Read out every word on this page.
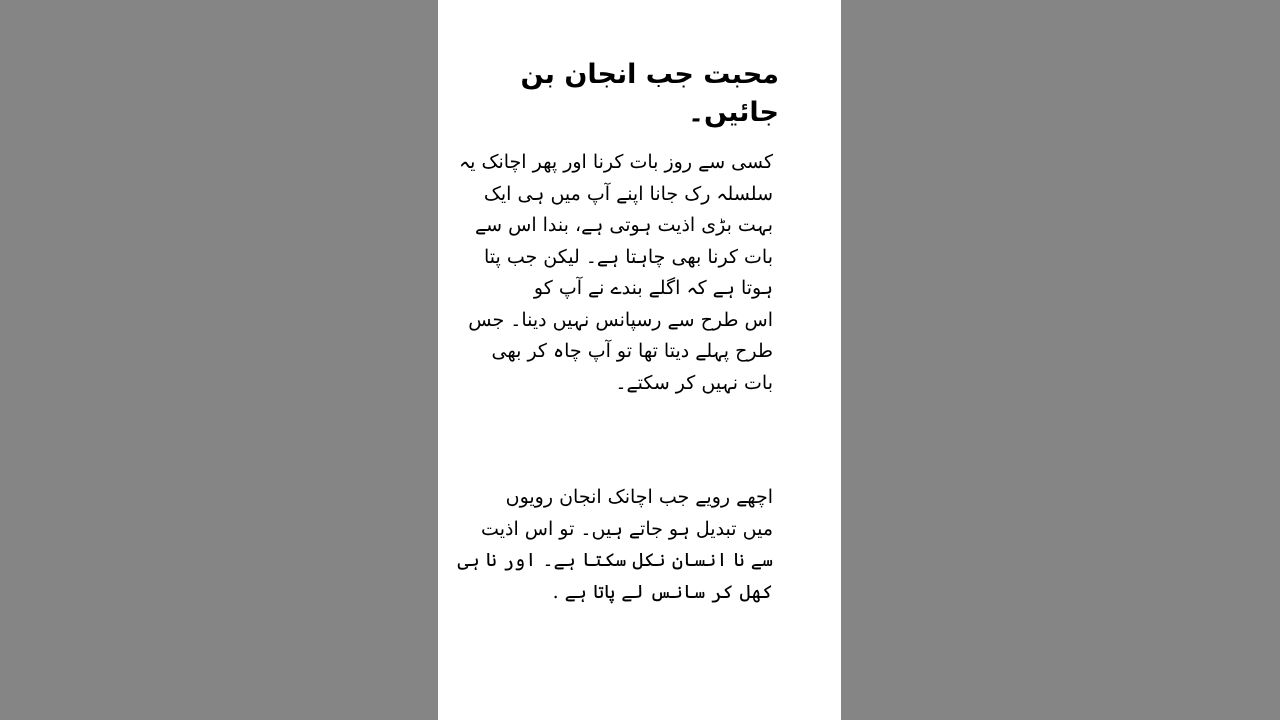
محبت جب انجان بن
جائیں۔
کسی سے روز بات کرنا اور پھر اچانک یہ
سلسلہ رک جانا اپنے آپ میں ہی ایک
بہت بڑی اذیت ہوتی ہے، بندا اس سے
بات کرنا بھی چاہتا ہے۔ لیکن جب پتا
ہوتا ہے کہ اگلے بندے نے آپ کو
اس طرح سے رسپانس نہیں دینا۔ جس
طرح پہلے دیتا تھا تو آپ چاہ کر بھی
بات نہیں کر سکتے۔
اچھے رویے جب اچانک انجان رویوں
میں تبدیل ہو جاتے ہیں۔ تو اس اذیت
سے نا انسان نکل سکتا ہے۔ اور نا ہی
کھل کر سانس لے پاتا ہے .
